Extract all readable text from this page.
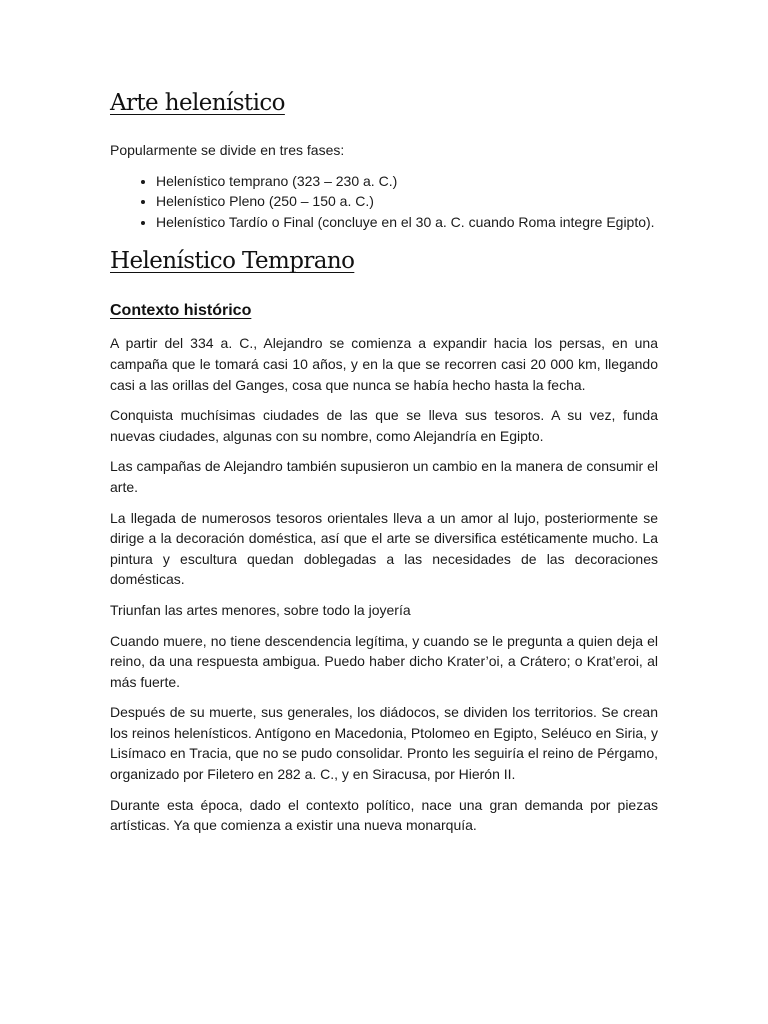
Arte helenístico

Popularmente se divide en tres fases:

• Helenístico temprano (323 – 230 a. C.)
• Helenístico Pleno (250 – 150 a. C.)
• Helenístico Tardío o Final (concluye en el 30 a. C. cuando Roma integre Egipto).
Helenístico Temprano
Contexto histórico

A partir del 334 a. C., Alejandro se comienza a expandir hacia los persas, en una campaña que le tomará casi 10 años, y en la que se recorren casi 20 000 km, llegando casi a las orillas del Ganges, cosa que nunca se había hecho hasta la fecha.

Conquista muchísimas ciudades de las que se lleva sus tesoros. A su vez, funda nuevas ciudades, algunas con su nombre, como Alejandría en Egipto.

Las campañas de Alejandro también supusieron un cambio en la manera de consumir el arte.

La llegada de numerosos tesoros orientales lleva a un amor al lujo, posteriormente se dirige a la decoración doméstica, así que el arte se diversifica estéticamente mucho. La pintura y escultura quedan doblegadas a las necesidades de las decoraciones domésticas.

Triunfan las artes menores, sobre todo la joyería

Cuando muere, no tiene descendencia legítima, y cuando se le pregunta a quien deja el reino, da una respuesta ambigua. Puedo haber dicho Krater’oi, a Crátero; o Krat’eroi, al más fuerte.

Después de su muerte, sus generales, los diádocos, se dividen los territorios. Se crean los reinos helenísticos. Antígono en Macedonia, Ptolomeo en Egipto, Seléuco en Siria, y Lisímaco en Tracia, que no se pudo consolidar. Pronto les seguiría el reino de Pérgamo, organizado por Filetero en 282 a. C., y en Siracusa, por Hierón II.

Durante esta época, dado el contexto político, nace una gran demanda por piezas artísticas. Ya que comienza a existir una nueva monarquía.
